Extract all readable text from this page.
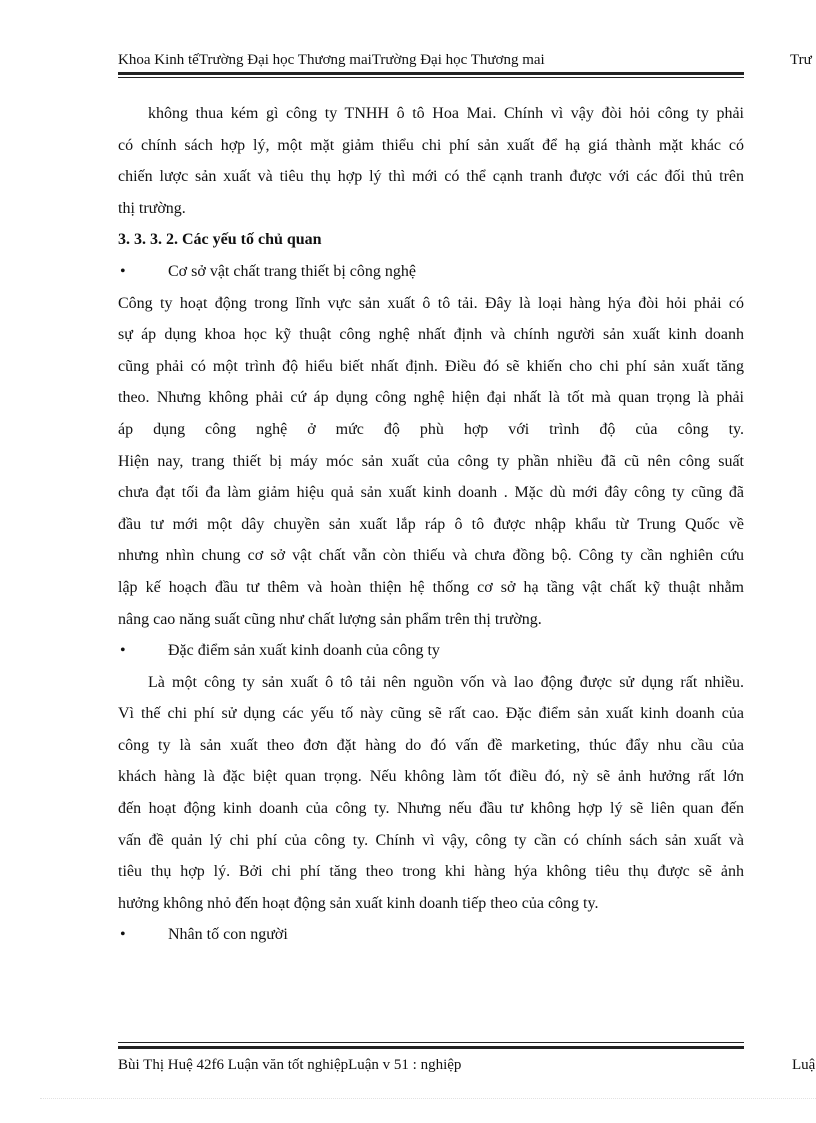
Khoa Kinh tếTrường Đại học Thương maiTrường Đại học Thương mai	Trư
không thua kém gì công ty TNHH ô tô Hoa Mai. Chính vì vậy đòi hỏi công ty phải
có chính sách hợp lý, một mặt giảm thiểu chi phí sản xuất để hạ giá thành mặt khác có
chiến lược sản xuất và tiêu thụ hợp lý thì mới có thể cạnh tranh được với các đối thủ trên
thị trường.
3. 3. 3. 2. Các yếu tố chủ quan
•	Cơ sở vật chất trang thiết bị công nghệ
Công ty hoạt động trong lĩnh vực sản xuất ô tô tải. Đây là loại hàng hýa đòi hỏi phải có
sự áp dụng khoa học kỹ thuật công nghệ nhất định và chính người sản xuất kinh doanh
cũng phải có một trình độ hiểu biết nhất định. Điều đó sẽ khiến cho chi phí sản xuất tăng
theo. Nhưng không phải cứ áp dụng công nghệ hiện đại nhất là tốt mà quan trọng là phải
áp dụng công nghệ ở mức độ phù hợp với trình độ của công ty.
Hiện nay, trang thiết bị máy móc sản xuất của công ty phần nhiều đã cũ nên công suất
chưa đạt tối đa làm giảm hiệu quả sản xuất kinh doanh . Mặc dù mới đây công ty cũng đã
đầu tư mới một dây chuyền sản xuất lắp ráp ô tô được nhập khẩu từ Trung Quốc về
nhưng nhìn chung cơ sở vật chất vẫn còn thiếu và chưa đồng bộ. Công ty cần nghiên cứu
lập kế hoạch đầu tư thêm và hoàn thiện hệ thống cơ sở hạ tầng vật chất kỹ thuật nhằm
nâng cao năng suất cũng như chất lượng sản phẩm trên thị trường.
•	Đặc điểm sản xuất kinh doanh của công ty
Là một công ty sản xuất ô tô tải nên nguồn vốn và lao động được sử dụng rất nhiều.
Vì thế chi phí sử dụng các yếu tố này cũng sẽ rất cao. Đặc điểm sản xuất kinh doanh của
công ty là sản xuất theo đơn đặt hàng do đó vấn đề marketing, thúc đẩy nhu cầu của
khách hàng là đặc biệt quan trọng. Nếu không làm tốt điều đó, nỳ sẽ ảnh hưởng rất lớn
đến hoạt động kinh doanh của công ty. Nhưng nếu đầu tư không hợp lý sẽ liên quan đến
vấn đề quản lý chi phí của công ty. Chính vì vậy, công ty cần có chính sách sản xuất và
tiêu thụ hợp lý. Bởi chi phí tăng theo trong khi hàng hýa không tiêu thụ được sẽ ảnh
hưởng không nhỏ đến hoạt động sản xuất kinh doanh tiếp theo của công ty.
•	Nhân tố con người
Bùi Thị Huệ 42f6 Luận văn tốt nghiệpLuận v 51 : nghiệp	Luậ
